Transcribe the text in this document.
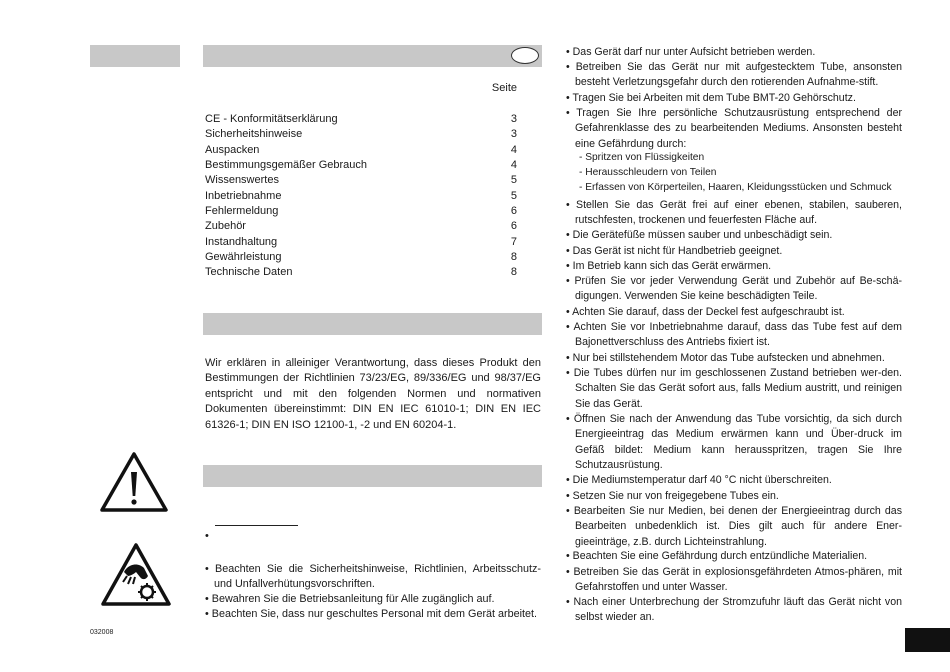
Seite
CE - Konformitätserklärung	3
Sicherheitshinweise	3
Auspacken	4
Bestimmungsgemäßer Gebrauch	4
Wissenswertes	5
Inbetriebnahme	5
Fehlermeldung	6
Zubehör	6
Instandhaltung	7
Gewährleistung	8
Technische Daten	8
Wir erklären in alleiniger Verantwortung, dass dieses Produkt den Bestimmungen der Richtlinien 73/23/EG, 89/336/EG und 98/37/EG entspricht und mit den folgenden Normen und normativen Dokumenten übereinstimmt: DIN EN IEC 61010-1; DIN EN IEC 61326-1; DIN EN ISO 12100-1, -2 und EN 60204-1.
•
• Beachten Sie die Sicherheitshinweise, Richtlinien, Arbeitsschutz- und Unfallverhütungsvorschriften.
• Bewahren Sie die Betriebsanleitung für Alle zugänglich auf.
• Beachten Sie, dass nur geschultes Personal mit dem Gerät arbeitet.
032008
• Das Gerät darf nur unter Aufsicht betrieben werden.
• Betreiben Sie das Gerät nur mit aufgestecktem Tube, ansonsten besteht Verletzungsgefahr durch den rotierenden Aufnahme-stift.
• Tragen Sie bei Arbeiten mit dem Tube BMT-20 Gehörschutz.
• Tragen Sie Ihre persönliche Schutzausrüstung entsprechend der Gefahrenklasse des zu bearbeitenden Mediums. Ansonsten besteht eine Gefährdung durch:
- Spritzen von Flüssigkeiten
- Herausschleudern von Teilen
- Erfassen von Körperteilen, Haaren, Kleidungsstücken und Schmuck
• Stellen Sie das Gerät frei auf einer ebenen, stabilen, sauberen, rutschfesten, trockenen und feuerfesten Fläche auf.
• Die Gerätefüße müssen sauber und unbeschädigt sein.
• Das Gerät ist nicht für Handbetrieb geeignet.
• Im Betrieb kann sich das Gerät erwärmen.
• Prüfen Sie vor jeder Verwendung Gerät und Zubehör auf Be-schä-digungen. Verwenden Sie keine beschädigten Teile.
• Achten Sie darauf, dass der Deckel fest aufgeschraubt ist.
• Achten Sie vor Inbetriebnahme darauf, dass das Tube fest auf dem Bajonettverschluss des Antriebs fixiert ist.
• Nur bei stillstehendem Motor das Tube aufstecken und abnehmen.
• Die Tubes dürfen nur im geschlossenen Zustand betrieben wer-den. Schalten Sie das Gerät sofort aus, falls Medium austritt, und reinigen Sie das Gerät.
• Öffnen Sie nach der Anwendung das Tube vorsichtig, da sich durch Energieeintrag das Medium erwärmen kann und Über-druck im Gefäß bildet: Medium kann herausspritzen, tragen Sie Ihre Schutzausrüstung.
• Die Mediumstemperatur darf 40 °C nicht überschreiten.
• Setzen Sie nur von freigegebene Tubes ein.
• Bearbeiten Sie nur Medien, bei denen der Energieeintrag durch das Bearbeiten unbedenklich ist. Dies gilt auch für andere Ener-gieeinträge, z.B. durch Lichteinstrahlung.
• Beachten Sie eine Gefährdung durch entzündliche Materialien.
• Betreiben Sie das Gerät in explosionsgefährdeten Atmos-phären, mit Gefahrstoffen und unter Wasser.
• Nach einer Unterbrechung der Stromzufuhr läuft das Gerät nicht von selbst wieder an.
